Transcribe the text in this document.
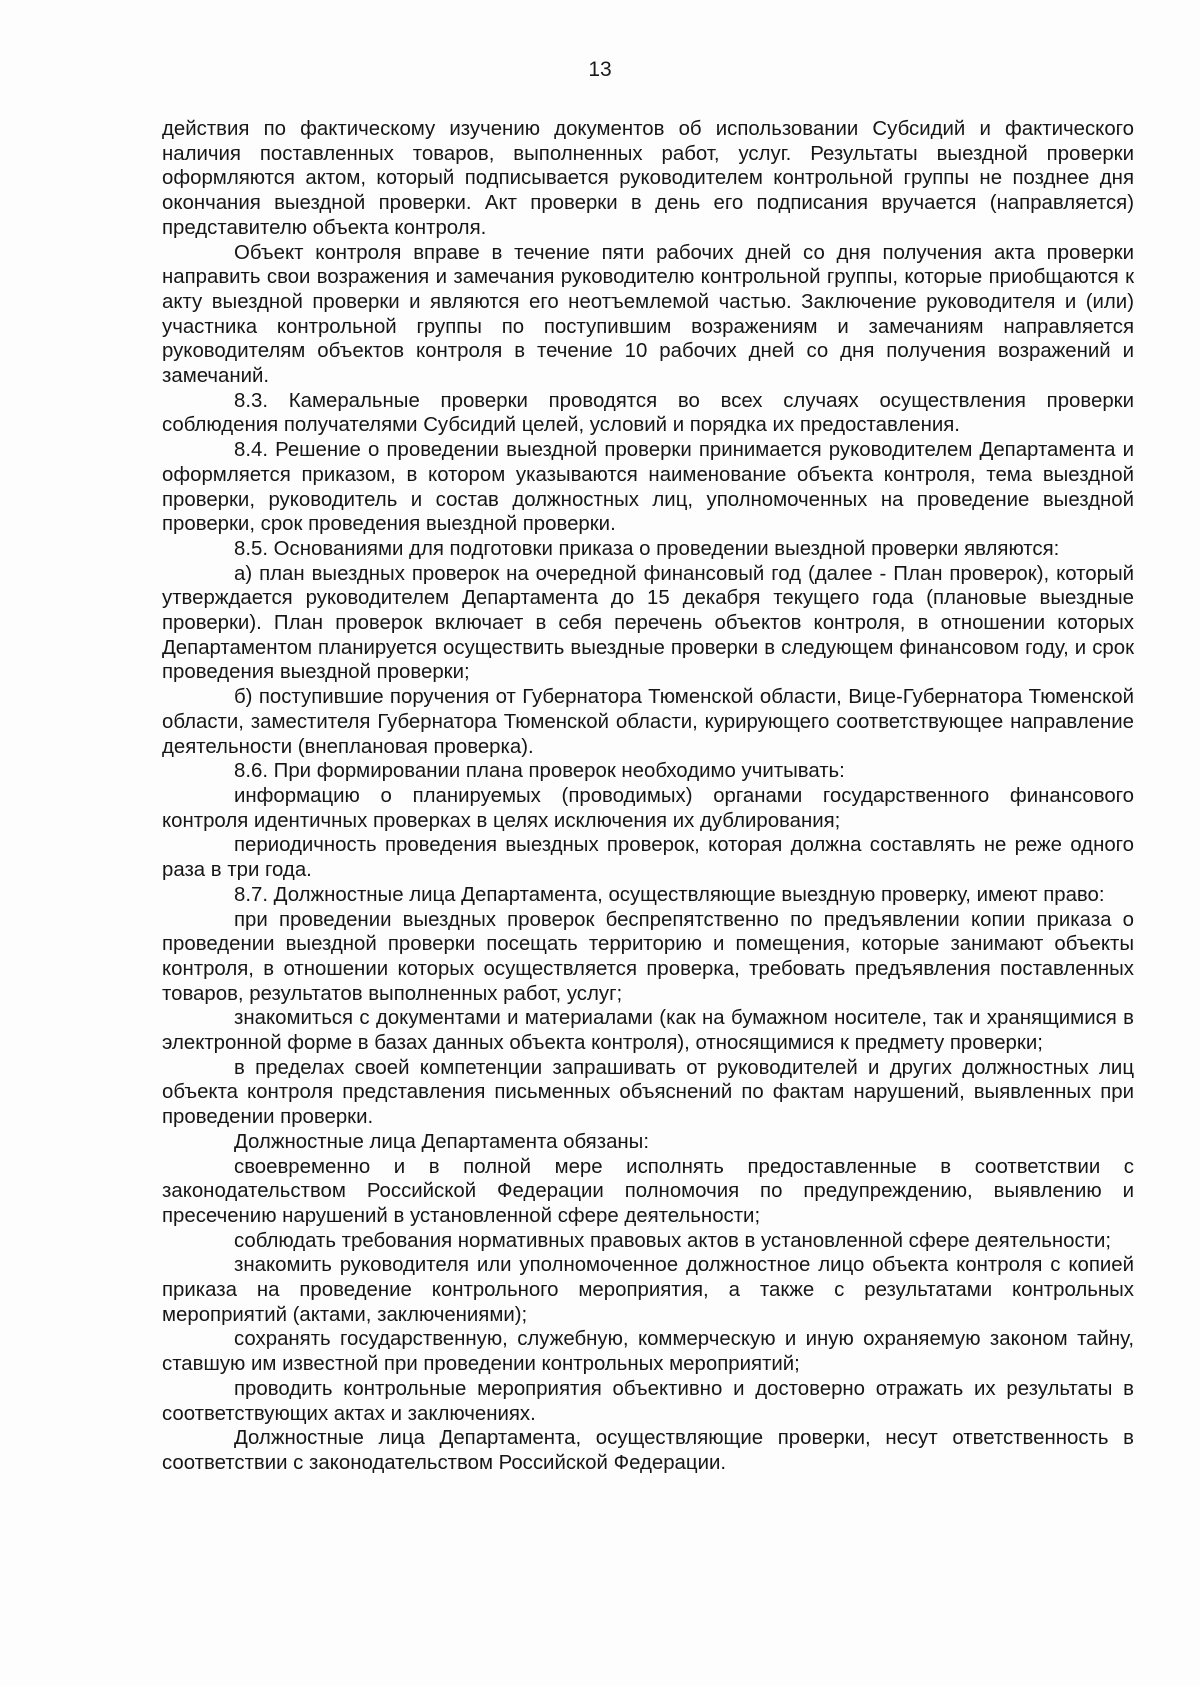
13

действия по фактическому изучению документов об использовании Субсидий и фактического наличия поставленных товаров, выполненных работ, услуг. Результаты выездной проверки оформляются актом, который подписывается руководителем контрольной группы не позднее дня окончания выездной проверки. Акт проверки в день его подписания вручается (направляется) представителю объекта контроля.

Объект контроля вправе в течение пяти рабочих дней со дня получения акта проверки направить свои возражения и замечания руководителю контрольной группы, которые приобщаются к акту выездной проверки и являются его неотъемлемой частью. Заключение руководителя и (или) участника контрольной группы по поступившим возражениям и замечаниям направляется руководителям объектов контроля в течение 10 рабочих дней со дня получения возражений и замечаний.

8.3. Камеральные проверки проводятся во всех случаях осуществления проверки соблюдения получателями Субсидий целей, условий и порядка их предоставления.

8.4. Решение о проведении выездной проверки принимается руководителем Департамента и оформляется приказом, в котором указываются наименование объекта контроля, тема выездной проверки, руководитель и состав должностных лиц, уполномоченных на проведение выездной проверки, срок проведения выездной проверки.

8.5. Основаниями для подготовки приказа о проведении выездной проверки являются:

а) план выездных проверок на очередной финансовый год (далее - План проверок), который утверждается руководителем Департамента до 15 декабря текущего года (плановые выездные проверки). План проверок включает в себя перечень объектов контроля, в отношении которых Департаментом планируется осуществить выездные проверки в следующем финансовом году, и срок проведения выездной проверки;

б) поступившие поручения от Губернатора Тюменской области, Вице-Губернатора Тюменской области, заместителя Губернатора Тюменской области, курирующего соответствующее направление деятельности (внеплановая проверка).

8.6. При формировании плана проверок необходимо учитывать:

информацию о планируемых (проводимых) органами государственного финансового контроля идентичных проверках в целях исключения их дублирования;

периодичность проведения выездных проверок, которая должна составлять не реже одного раза в три года.

8.7. Должностные лица Департамента, осуществляющие выездную проверку, имеют право:

при проведении выездных проверок беспрепятственно по предъявлении копии приказа о проведении выездной проверки посещать территорию и помещения, которые занимают объекты контроля, в отношении которых осуществляется проверка, требовать предъявления поставленных товаров, результатов выполненных работ, услуг;

знакомиться с документами и материалами (как на бумажном носителе, так и хранящимися в электронной форме в базах данных объекта контроля), относящимися к предмету проверки;

в пределах своей компетенции запрашивать от руководителей и других должностных лиц объекта контроля представления письменных объяснений по фактам нарушений, выявленных при проведении проверки.

Должностные лица Департамента обязаны:

своевременно и в полной мере исполнять предоставленные в соответствии с законодательством Российской Федерации полномочия по предупреждению, выявлению и пресечению нарушений в установленной сфере деятельности;

соблюдать требования нормативных правовых актов в установленной сфере деятельности;

знакомить руководителя или уполномоченное должностное лицо объекта контроля с копией приказа на проведение контрольного мероприятия, а также с результатами контрольных мероприятий (актами, заключениями);

сохранять государственную, служебную, коммерческую и иную охраняемую законом тайну, ставшую им известной при проведении контрольных мероприятий;

проводить контрольные мероприятия объективно и достоверно отражать их результаты в соответствующих актах и заключениях.

Должностные лица Департамента, осуществляющие проверки, несут ответственность в соответствии с законодательством Российской Федерации.
